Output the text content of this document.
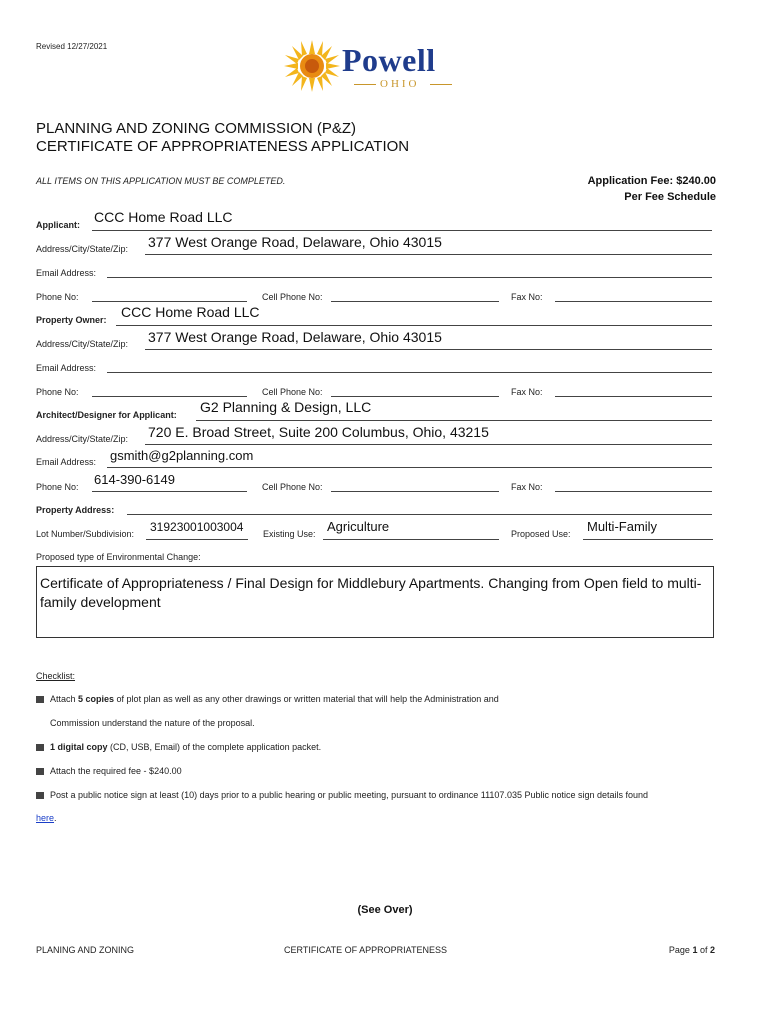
Revised 12/27/2021	Powell
OHIO
PLANNING AND ZONING COMMISSION (P&Z)
CERTIFICATE OF APPROPRIATENESS APPLICATION
ALL ITEMS ON THIS APPLICATION MUST BE COMPLETED.	Application Fee: $240.00
Per Fee Schedule
Applicant: CCC Home Road LLC
Address/City/State/Zip: 377 West Orange Road, Delaware, Ohio 43015
Email Address:
Phone No:	Cell Phone No:	Fax No:
Property Owner: CCC Home Road LLC
Address/City/State/Zip: 377 West Orange Road, Delaware, Ohio 43015
Email Address:
Phone No:	Cell Phone No:	Fax No:
Architect/Designer for Applicant: G2 Planning & Design, LLC
Address/City/State/Zip: 720 E. Broad Street, Suite 200 Columbus, Ohio, 43215
Email Address: gsmith@g2planning.com
Phone No: 614-390-6149	Cell Phone No:	Fax No:
Property Address:
Lot Number/Subdivision: 31923001003004 Existing Use: Agriculture	Proposed Use: Multi-Family
Proposed type of Environmental Change:
Certificate of Appropriateness / Final Design for Middlebury Apartments. Changing from Open field to multi-family development
Checklist:
Attach 5 copies of plot plan as well as any other drawings or written material that will help the Administration and
Commission understand the nature of the proposal.
1 digital copy (CD, USB, Email) of the complete application packet.
Attach the required fee - $240.00
Post a public notice sign at least (10) days prior to a public hearing or public meeting, pursuant to ordinance 11107.035 Public notice sign details found
here.
(See Over)
PLANING AND ZONING	CERTIFICATE OF APPROPRIATENESS	Page 1 of 2
